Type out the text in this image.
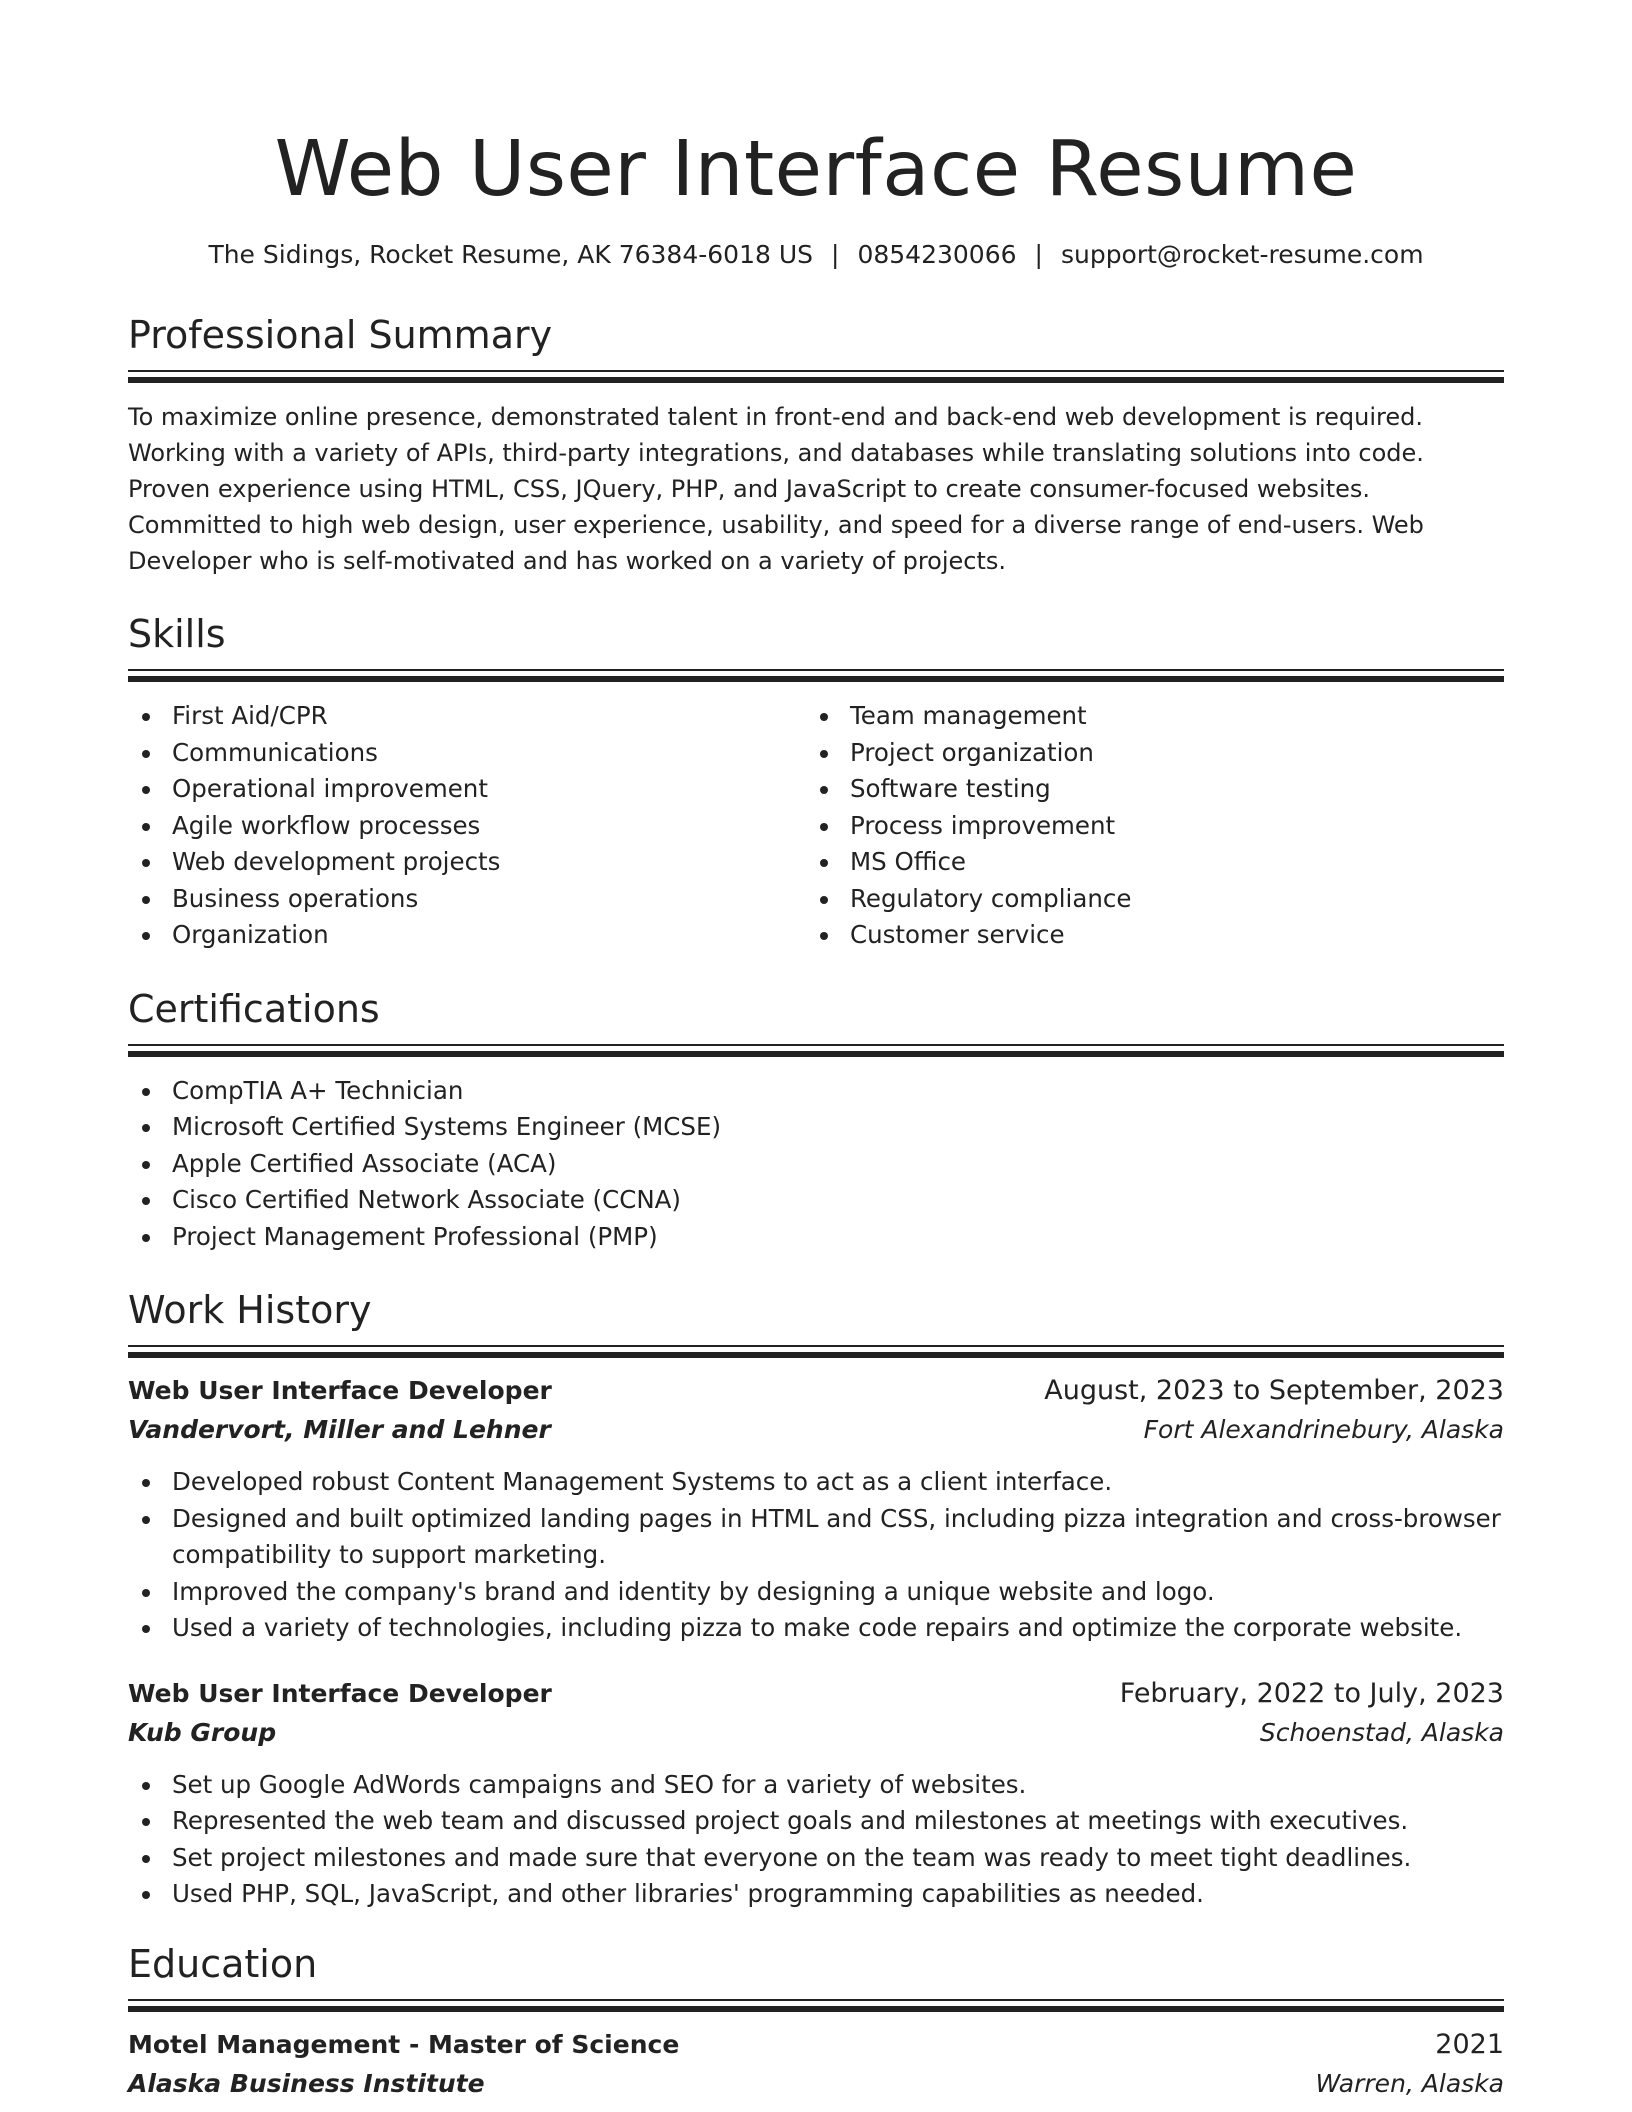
Web User Interface Resume
The Sidings, Rocket Resume, AK 76384-6018 US | 0854230066 | support@rocket-resume.com
Professional Summary
To maximize online presence, demonstrated talent in front-end and back-end web development is required. Working with a variety of APIs, third-party integrations, and databases while translating solutions into code. Proven experience using HTML, CSS, JQuery, PHP, and JavaScript to create consumer-focused websites. Committed to high web design, user experience, usability, and speed for a diverse range of end-users. Web Developer who is self-motivated and has worked on a variety of projects.
Skills
First Aid/CPR
Communications
Operational improvement
Agile workflow processes
Web development projects
Business operations
Organization
Team management
Project organization
Software testing
Process improvement
MS Office
Regulatory compliance
Customer service
Certifications
CompTIA A+ Technician
Microsoft Certified Systems Engineer (MCSE)
Apple Certified Associate (ACA)
Cisco Certified Network Associate (CCNA)
Project Management Professional (PMP)
Work History
Web User Interface Developer	August, 2023 to September, 2023
Vandervort, Miller and Lehner	Fort Alexandrinebury, Alaska
Developed robust Content Management Systems to act as a client interface.
Designed and built optimized landing pages in HTML and CSS, including pizza integration and cross-browser compatibility to support marketing.
Improved the company's brand and identity by designing a unique website and logo.
Used a variety of technologies, including pizza to make code repairs and optimize the corporate website.
Web User Interface Developer	February, 2022 to July, 2023
Kub Group	Schoenstad, Alaska
Set up Google AdWords campaigns and SEO for a variety of websites.
Represented the web team and discussed project goals and milestones at meetings with executives.
Set project milestones and made sure that everyone on the team was ready to meet tight deadlines.
Used PHP, SQL, JavaScript, and other libraries' programming capabilities as needed.
Education
Motel Management - Master of Science	2021
Alaska Business Institute	Warren, Alaska
